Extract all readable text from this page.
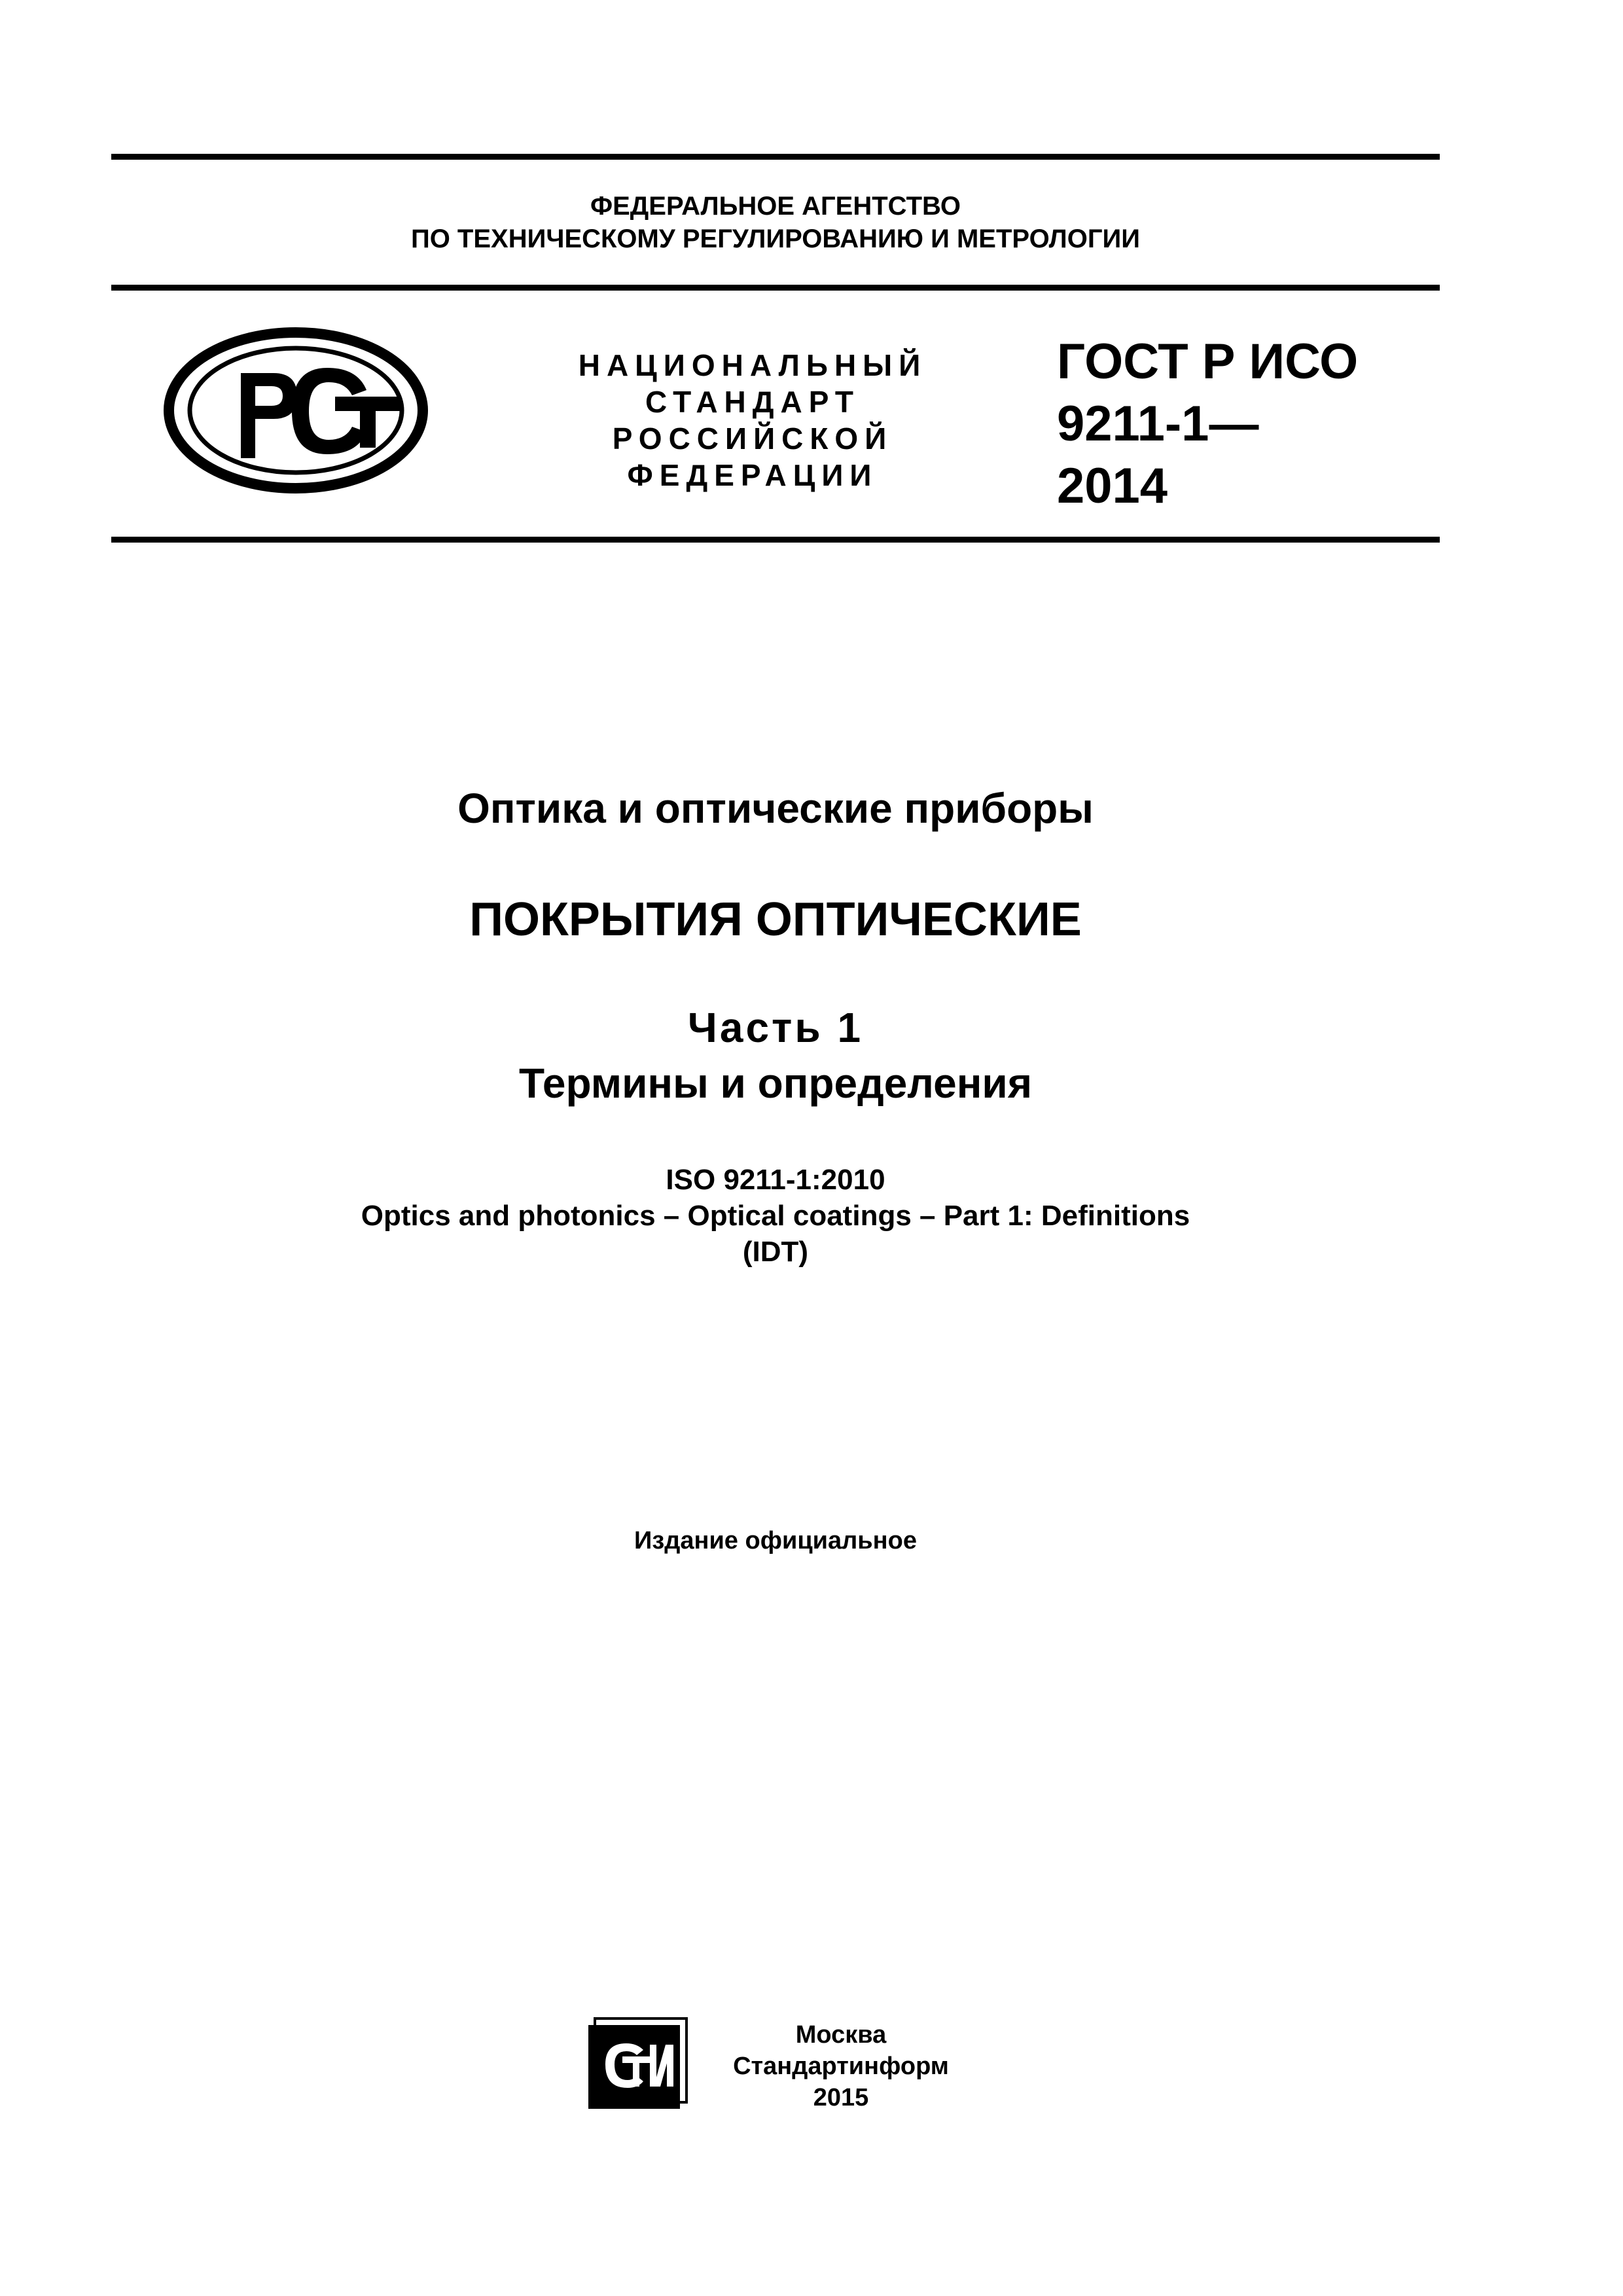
ФЕДЕРАЛЬНОЕ АГЕНТСТВО
ПО ТЕХНИЧЕСКОМУ РЕГУЛИРОВАНИЮ И МЕТРОЛОГИИ
НАЦИОНАЛЬНЫЙ
СТАНДАРТ
РОССИЙСКОЙ
ФЕДЕРАЦИИ
ГОСТ Р ИСО
9211-1—
2014
Оптика и оптические приборы
ПОКРЫТИЯ ОПТИЧЕСКИЕ
Часть 1
Термины и определения
ISO 9211-1:2010
Optics and photonics – Optical coatings – Part 1: Definitions
(IDT)
Издание официальное
Москва
Стандартинформ
2015
